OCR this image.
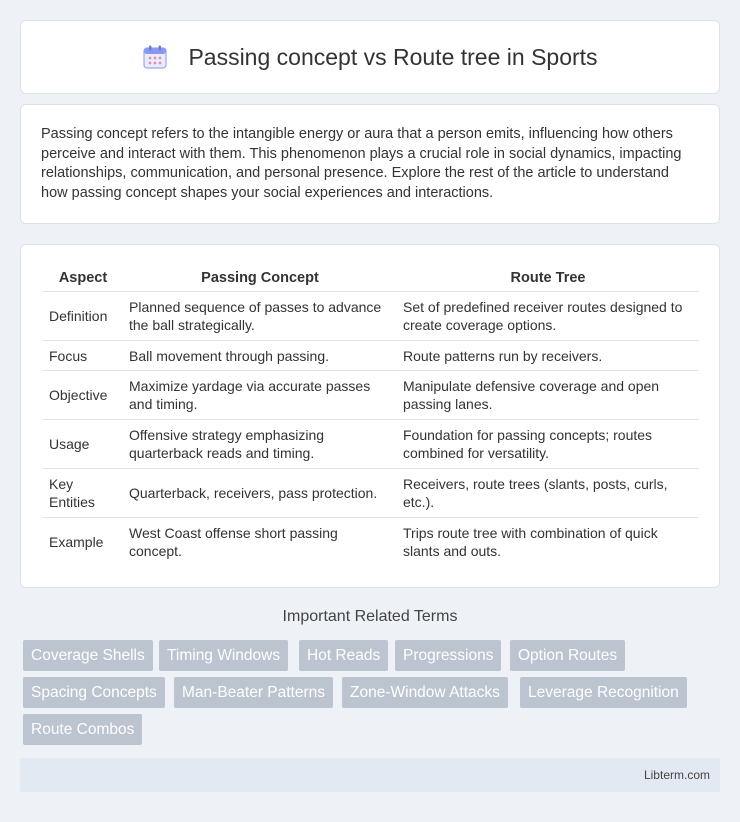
Passing concept vs Route tree in Sports

Passing concept refers to the intangible energy or aura that a person emits, influencing how others perceive and interact with them. This phenomenon plays a crucial role in social dynamics, impacting relationships, communication, and personal presence. Explore the rest of the article to understand how passing concept shapes your social experiences and interactions.

Aspect	Passing Concept	Route Tree
Definition	Planned sequence of passes to advance the ball strategically.	Set of predefined receiver routes designed to create coverage options.
Focus	Ball movement through passing.	Route patterns run by receivers.
Objective	Maximize yardage via accurate passes and timing.	Manipulate defensive coverage and open passing lanes.
Usage	Offensive strategy emphasizing quarterback reads and timing.	Foundation for passing concepts; routes combined for versatility.
Key Entities	Quarterback, receivers, pass protection.	Receivers, route trees (slants, posts, curls, etc.).
Example	West Coast offense short passing concept.	Trips route tree with combination of quick slants and outs.
Important Related Terms
Coverage Shells	Timing Windows	Hot Reads	Progressions	Option Routes
Spacing Concepts	Man-Beater Patterns	Zone-Window Attacks	Leverage Recognition
Route Combos
Libterm.com
